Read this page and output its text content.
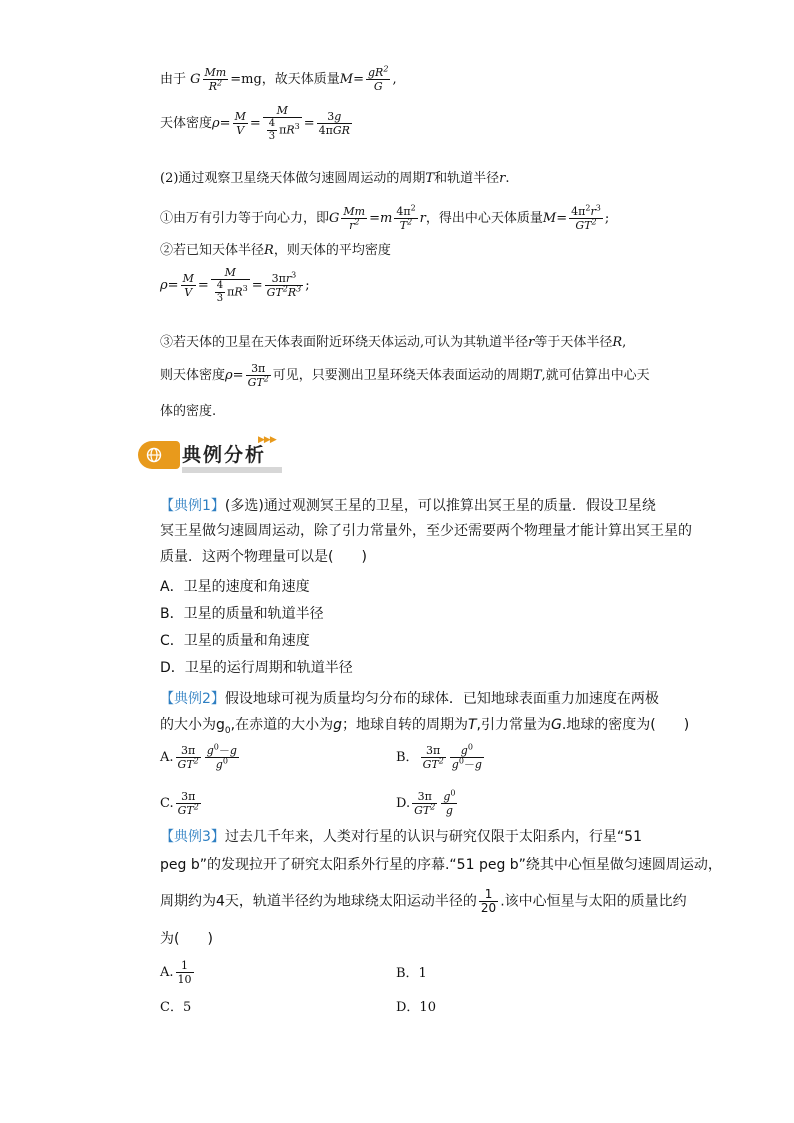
由于 G $\frac{Mm}{R^2} =mg$，故天体质量$M= \frac{gR^2}{G}$ ,
天体密度$\rho= \frac{M}{V} = \frac{M}{\frac{4}{3} \pi R^3} = \frac{3g}{\text{4πGR}}$
(2)通过观察卫星绕天体做匀速圆周运动的周期T和轨道半径r.
①由万有引力等于向心力，即G $\frac{Mm}{r^2} =m \frac{4\pi^2}{T^2}$ r，得出中心天体质量$M= \frac{4\pi^2r^3}{GT^2}$ ;
②若已知天体半径R，则天体的平均密度
$\rho= \frac{M}{V} = \frac{M}{\frac{4}{3} \pi R^3} = \frac{3\pi r^3}{GT^2R^3}$ ;
③若天体的卫星在天体表面附近环绕天体运动,可认为其轨道半径r等于天体半径R,
则天体密度$\rho= \frac{3\pi}{GT^2}$ 可见，只要测出卫星环绕天体表面运动的周期T,就可估算出中心天
体的密度.
典例分析
▶▶▶
【典例1】(多选)通过观测冥王星的卫星，可以推算出冥王星的质量．假设卫星绕
冥王星做匀速圆周运动，除了引力常量外，至少还需要两个物理量才能计算出冥王星的
质量．这两个物理量可以是(　　)
A．卫星的速度和角速度
B．卫星的质量和轨道半径
C．卫星的质量和角速度
D．卫星的运行周期和轨道半径
【典例2】假设地球可视为质量均匀分布的球体．已知地球表面重力加速度在两极
的大小为$g_0$,在赤道的大小为g；地球自转的周期为T,引力常量为G.地球的密度为(　　)
A. $\frac{3\pi}{GT^2} \frac{g^0-g}{g^0}$	B． $\frac{3\pi}{GT^2} \frac{g^0}{g^0-g}$
C. $\frac{3\pi}{GT^2}$	D. $\frac{3\pi}{GT^2} \frac{g^0}{g}$
【典例3】过去几千年来，人类对行星的认识与研究仅限于太阳系内，行星“51
peg b”的发现拉开了研究太阳系外行星的序幕.“51 peg b”绕其中心恒星做匀速圆周运动，
周期约为4天，轨道半径约为地球绕太阳运动半径的 $\frac{1}{20}$ .该中心恒星与太阳的质量比约
为(　　)
A. $\frac{1}{10}$	B．1
C．5	D．10
